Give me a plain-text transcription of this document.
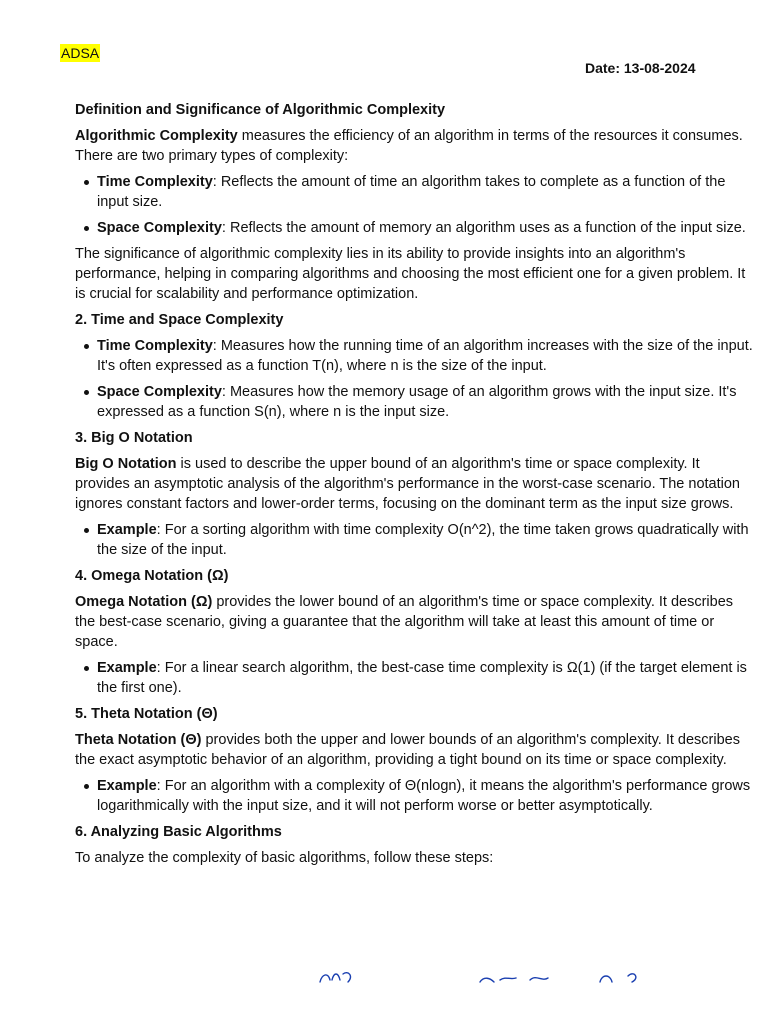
ADSA
Date: 13-08-2024
Definition and Significance of Algorithmic Complexity

Algorithmic Complexity measures the efficiency of an algorithm in terms of the resources it consumes. There are two primary types of complexity:

Time Complexity: Reflects the amount of time an algorithm takes to complete as a function of the input size.
Space Complexity: Reflects the amount of memory an algorithm uses as a function of the input size.

The significance of algorithmic complexity lies in its ability to provide insights into an algorithm's performance, helping in comparing algorithms and choosing the most efficient one for a given problem. It is crucial for scalability and performance optimization.

2. Time and Space Complexity
Time Complexity: Measures how the running time of an algorithm increases with the size of the input. It's often expressed as a function T(n), where n is the size of the input.
Space Complexity: Measures how the memory usage of an algorithm grows with the input size. It's expressed as a function S(n), where n is the input size.
3. Big O Notation

Big O Notation is used to describe the upper bound of an algorithm's time or space complexity. It provides an asymptotic analysis of the algorithm's performance in the worst-case scenario. The notation ignores constant factors and lower-order terms, focusing on the dominant term as the input size grows.

Example: For a sorting algorithm with time complexity O(n^2), the time taken grows quadratically with the size of the input.
4. Omega Notation (Ω)

Omega Notation (Ω) provides the lower bound of an algorithm's time or space complexity. It describes the best-case scenario, giving a guarantee that the algorithm will take at least this amount of time or space.

Example: For a linear search algorithm, the best-case time complexity is Ω(1) (if the target element is the first one).
5. Theta Notation (Θ)

Theta Notation (Θ) provides both the upper and lower bounds of an algorithm's complexity. It describes the exact asymptotic behavior of an algorithm, providing a tight bound on its time or space complexity.

Example: For an algorithm with a complexity of Θ(nlogn), it means the algorithm's performance grows logarithmically with the input size, and it will not perform worse or better asymptotically.
6. Analyzing Basic Algorithms

To analyze the complexity of basic algorithms, follow these steps:
